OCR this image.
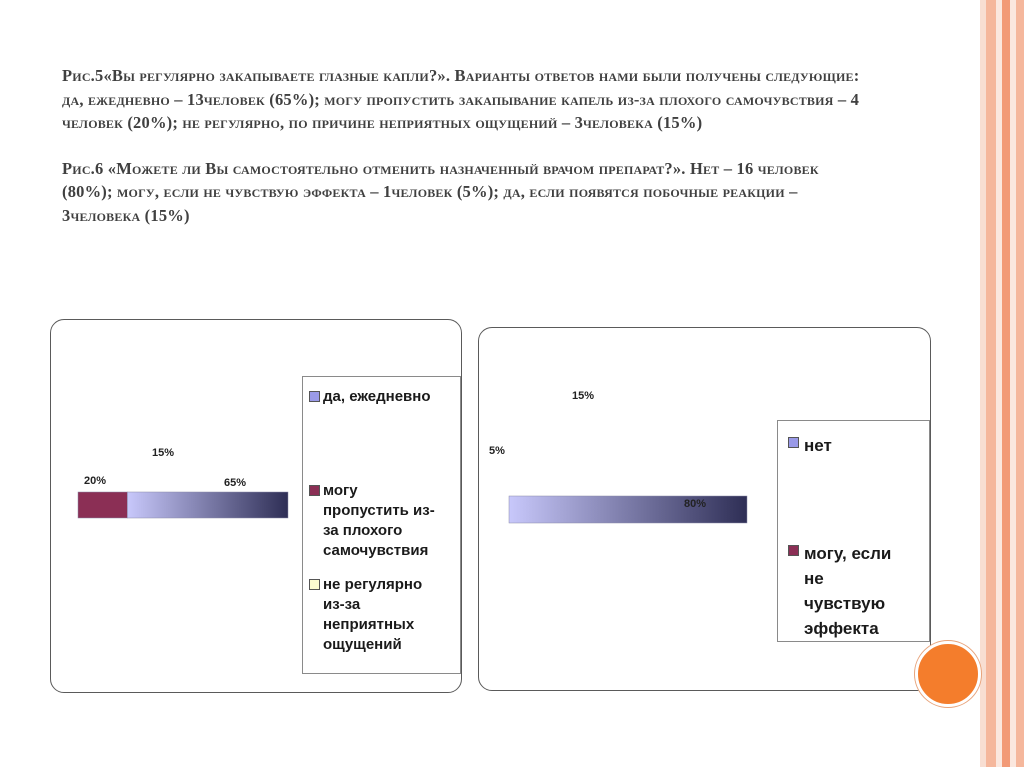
Рис.5«Вы регулярно закапываете глазные капли?». Варианты ответов нами были получены следующие: да, ежедневно – 13человек (65%); могу пропустить закапывание капель из-за плохого самочувствия – 4 человек (20%); не регулярно, по причине неприятных ощущений – 3человека (15%)

Рис.6 «Можете ли Вы самостоятельно отменить назначенный врачом препарат?». Нет – 16 человек (80%); могу, если не чувствую эффекта – 1человек (5%); да, если появятся побочные реакции – 3человека (15%)

65%
20%
15%
да, ежедневно
могу
пропустить из-
за плохого
самочувствия
не регулярно
из-за
неприятных
ощущений
80%
5%
15%
нет
могу, если
не
чувствую
эффекта
